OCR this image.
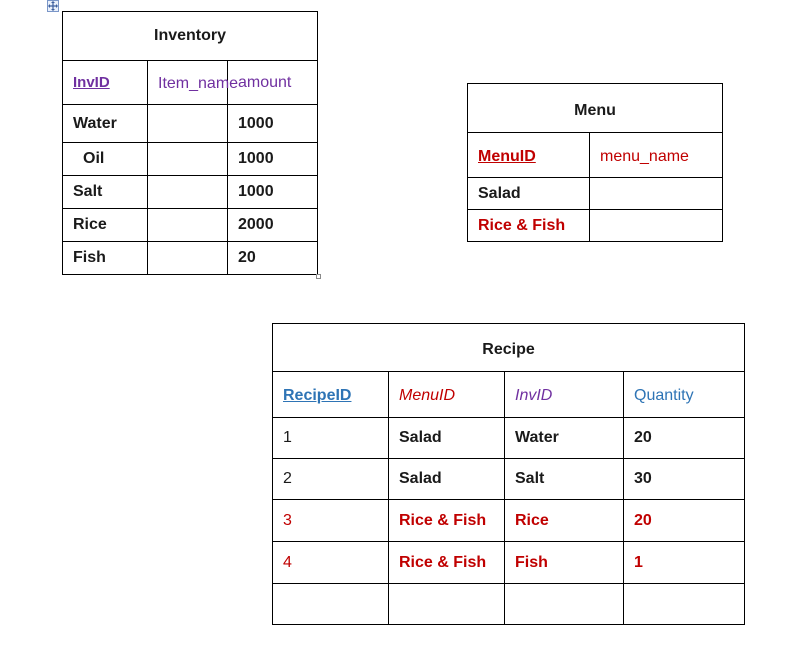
Inventory		
InvID	Item_name	amount
Water		1000
Oil		1000
Salt		1000
Rice		2000
Fish		20
Menu	
MenuID	menu_name
Salad	
Rice & Fish	
Recipe			
RecipeID	MenuID	InvID	Quantity
1	Salad	Water	20
2	Salad	Salt	30
3	Rice & Fish	Rice	20
4	Rice & Fish	Fish	1
